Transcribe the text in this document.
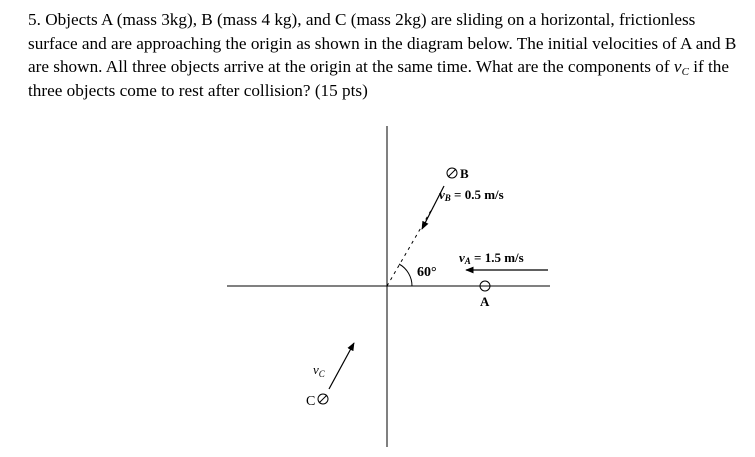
5. Objects A (mass 3kg), B (mass 4 kg), and C (mass 2kg) are sliding on a horizontal, frictionless surface and are approaching the origin as shown in the diagram below. The initial velocities of A and B are shown. All three objects arrive at the origin at the same time. What are the components of $v_C$ if the three objects come to rest after collision? (15 pts)

60°
B
vB = 0.5 m/s
vA = 1.5 m/s
A
$v_C$
C
